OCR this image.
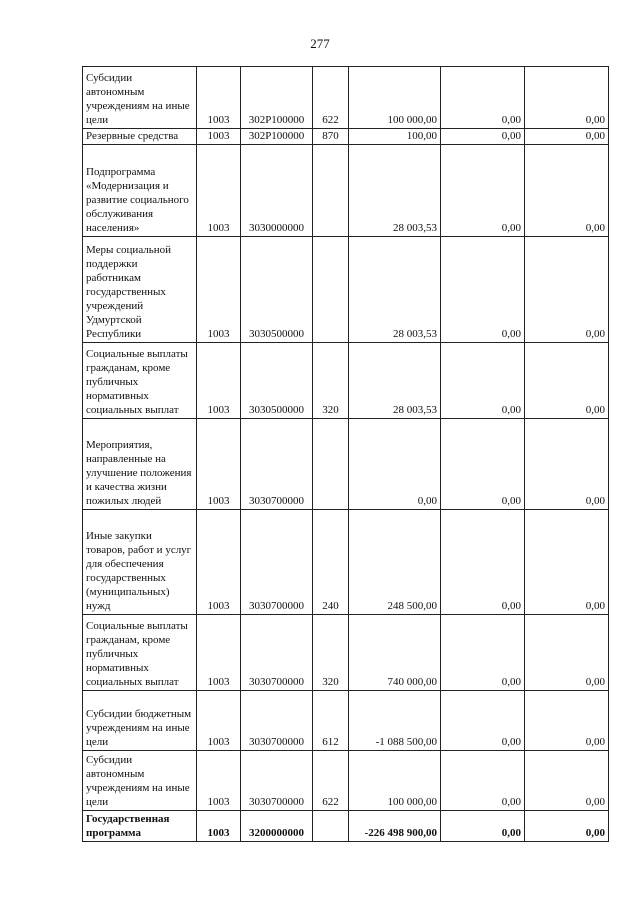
277
Субсидии автономным учреждениям на иные цели	1003	302Р100000	622	100 000,00	0,00	0,00
Резервные средства	1003	302Р100000	870	100,00	0,00	0,00
Подпрограмма «Модернизация и развитие социального обслуживания населения»	1003	3030000000		28 003,53	0,00	0,00
Меры социальной поддержки работникам государственных учреждений Удмуртской Республики	1003	3030500000		28 003,53	0,00	0,00
Социальные выплаты гражданам, кроме публичных нормативных социальных выплат	1003	3030500000	320	28 003,53	0,00	0,00
Мероприятия, направленные на улучшение положения и качества жизни пожилых людей	1003	3030700000		0,00	0,00	0,00
Иные закупки товаров, работ и услуг для обеспечения государственных (муниципальных) нужд	1003	3030700000	240	248 500,00	0,00	0,00
Социальные выплаты гражданам, кроме публичных нормативных социальных выплат	1003	3030700000	320	740 000,00	0,00	0,00
Субсидии бюджетным учреждениям на иные цели	1003	3030700000	612	-1 088 500,00	0,00	0,00
Субсидии автономным учреждениям на иные цели	1003	3030700000	622	100 000,00	0,00	0,00
Государственная программа	1003	3200000000		-226 498 900,00	0,00	0,00
